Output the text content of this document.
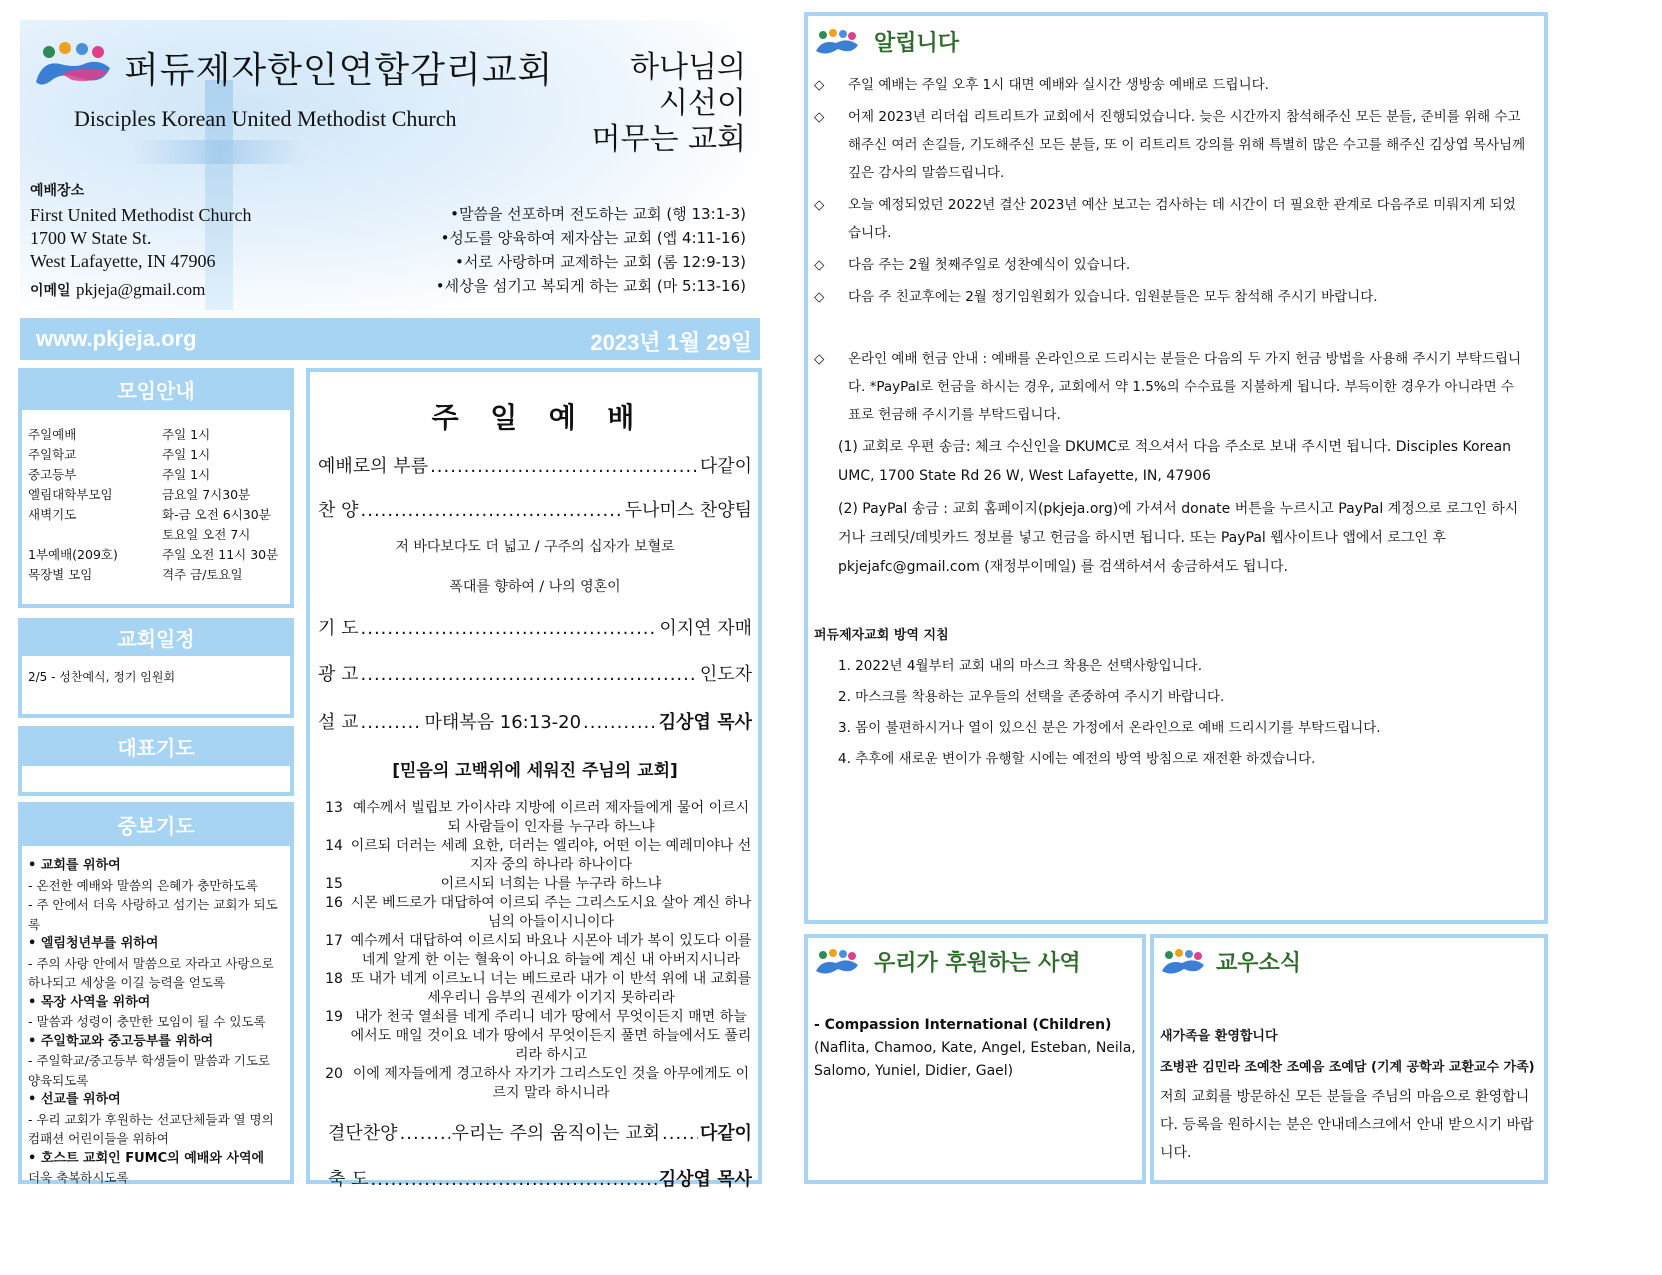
퍼듀제자한인연합감리교회
Disciples Korean United Methodist Church
하나님의
시선이
머무는 교회
예배장소
First United Methodist Church
1700 W State St.
West Lafayette, IN 47906
이메일 pkjeja@gmail.com
•말씀을 선포하며 전도하는 교회 (행 13:1-3)
•성도를 양육하여 제자삼는 교회 (엡 4:11-16)
•서로 사랑하며 교제하는 교회 (롬 12:9-13)
•세상을 섬기고 복되게 하는 교회 (마 5:13-16)
www.pkjeja.org	2023년 1월 29일
모임안내
주일예배	주일 1시
주일학교	주일 1시
중고등부	주일 1시
엘림대학부모임	금요일 7시30분
새벽기도	화-금 오전 6시30분
	토요일 오전 7시
1부예배(209호)	주일 오전 11시 30분
목장별 모임	격주 금/토요일
교회일정
2/5 - 성찬예식, 정기 임원회
대표기도
중보기도
• 교회를 위하여
- 온전한 예배와 말씀의 은혜가 충만하도록
- 주 안에서 더욱 사랑하고 섬기는 교회가 되도록
• 엘림청년부를 위하여
- 주의 사랑 안에서 말씀으로 자라고 사랑으로
하나되고 세상을 이길 능력을 얻도록
• 목장 사역을 위하여
- 말씀과 성령이 충만한 모임이 될 수 있도록
• 주일학교와 중고등부를 위하여
- 주일학교/중고등부 학생들이 말씀과 기도로
양육되도록
• 선교를 위하여
- 우리 교회가 후원하는 선교단체들과 열 명의
컴패션 어린이들을 위하여
• 호스트 교회인 FUMC의 예배와 사역에
더욱 축복하시도록
주  일  예  배
예배로의 부름 .....	다같이
찬 양 .....	두나미스 찬양팀
저 바다보다도 더 넓고 / 구주의 십자가 보혈로
폭대를 향하여 / 나의 영혼이
기 도 .....	이지연 자매
광 고 .....	인도자
설 교 .....	마태복음 16:13-20 .....	김상엽 목사
[믿음의 고백위에 세워진 주님의 교회]
13 예수께서 빌립보 가이사랴 지방에 이르러 제자들에게 물어 이르시되 사람들이 인자를 누구라 하느냐
14 이르되 더러는 세례 요한, 더러는 엘리야, 어떤 이는 예레미야나 선지자 중의 하나라 하나이다
15	이르시되 너희는 나를 누구라 하느냐
16 시몬 베드로가 대답하여 이르되 주는 그리스도시요 살아 계신 하나님의 아들이시니이다
17 예수께서 대답하여 이르시되 바요나 시몬아 네가 복이 있도다 이를 네게 알게 한 이는 혈육이 아니요 하늘에 계신 내 아버지시니라
18 또 내가 네게 이르노니 너는 베드로라 내가 이 반석 위에 내 교회를 세우리니 음부의 권세가 이기지 못하리라
19 내가 천국 열쇠를 네게 주리니 네가 땅에서 무엇이든지 매면 하늘에서도 매일 것이요 네가 땅에서 무엇이든지 풀면 하늘에서도 풀리리라 하시고
20 이에 제자들에게 경고하사 자기가 그리스도인 것을 아무에게도 이르지 말라 하시니라
결단찬양 .....	우리는 주의 움직이는 교회 ..... 다같이
축 도 .....	김상엽 목사
알립니다
◇	주일 예배는 주일 오후 1시 대면 예배와 실시간 생방송 예배로 드립니다.
◇	어제 2023년 리더쉽 리트리트가 교회에서 진행되었습니다. 늦은 시간까지 참석해주신 모든 분들, 준비를 위해 수고해주신 여러 손길들, 기도해주신 모든 분들, 또 이 리트리트 강의를 위해 특별히 많은 수고를 해주신 김상엽 목사님께 깊은 감사의 말씀드립니다.
◇	오늘 예정되었던 2022년 결산 2023년 예산 보고는 검사하는 데 시간이 더 필요한 관계로 다음주로 미뤄지게 되었습니다.
◇	다음 주는 2월 첫째주일로 성찬예식이 있습니다.
◇	다음 주 친교후에는 2월 정기임원회가 있습니다. 임원분들은 모두 참석해 주시기 바랍니다.
◇	온라인 예배 헌금 안내 : 예배를 온라인으로 드리시는 분들은 다음의 두 가지 헌금 방법을 사용해 주시기 부탁드립니다. *PayPal로 헌금을 하시는 경우, 교회에서 약 1.5%의 수수료를 지불하게 됩니다. 부득이한 경우가 아니라면 수표로 헌금해 주시기를 부탁드립니다.
(1) 교회로 우편 송금: 체크 수신인을 DKUMC로 적으셔서 다음 주소로 보내 주시면 됩니다. Disciples Korean UMC, 1700 State Rd 26 W, West Lafayette, IN, 47906
(2) PayPal 송금 : 교회 홈페이지(pkjeja.org)에 가셔서 donate 버튼을 누르시고 PayPal 계정으로 로그인 하시거나 크레딧/데빗카드 정보를 넣고 헌금을 하시면 됩니다. 또는 PayPal 웹사이트나 앱에서 로그인 후 pkjejafc@gmail.com (재정부이메일) 를 검색하셔서 송금하셔도 됩니다.
퍼듀제자교회 방역 지침
1. 2022년 4월부터 교회 내의 마스크 착용은 선택사항입니다.
2. 마스크를 착용하는 교우들의 선택을 존중하여 주시기 바랍니다.
3. 몸이 불편하시거나 열이 있으신 분은 가정에서 온라인으로 예배 드리시기를 부탁드립니다.
4. 추후에 새로운 변이가 유행할 시에는 예전의 방역 방침으로 재전환 하겠습니다.
우리가 후원하는 사역
- Compassion International (Children)
(Naflita, Chamoo, Kate, Angel, Esteban, Neila, Salomo, Yuniel, Didier, Gael)
교우소식
새가족을 환영합니다
조병관 김민라 조예찬 조예음 조예담 (기계 공학과 교환교수 가족)
저희 교회를 방문하신 모든 분들을 주님의 마음으로 환영합니다. 등록을 원하시는 분은 안내데스크에서 안내 받으시기 바랍니다.
